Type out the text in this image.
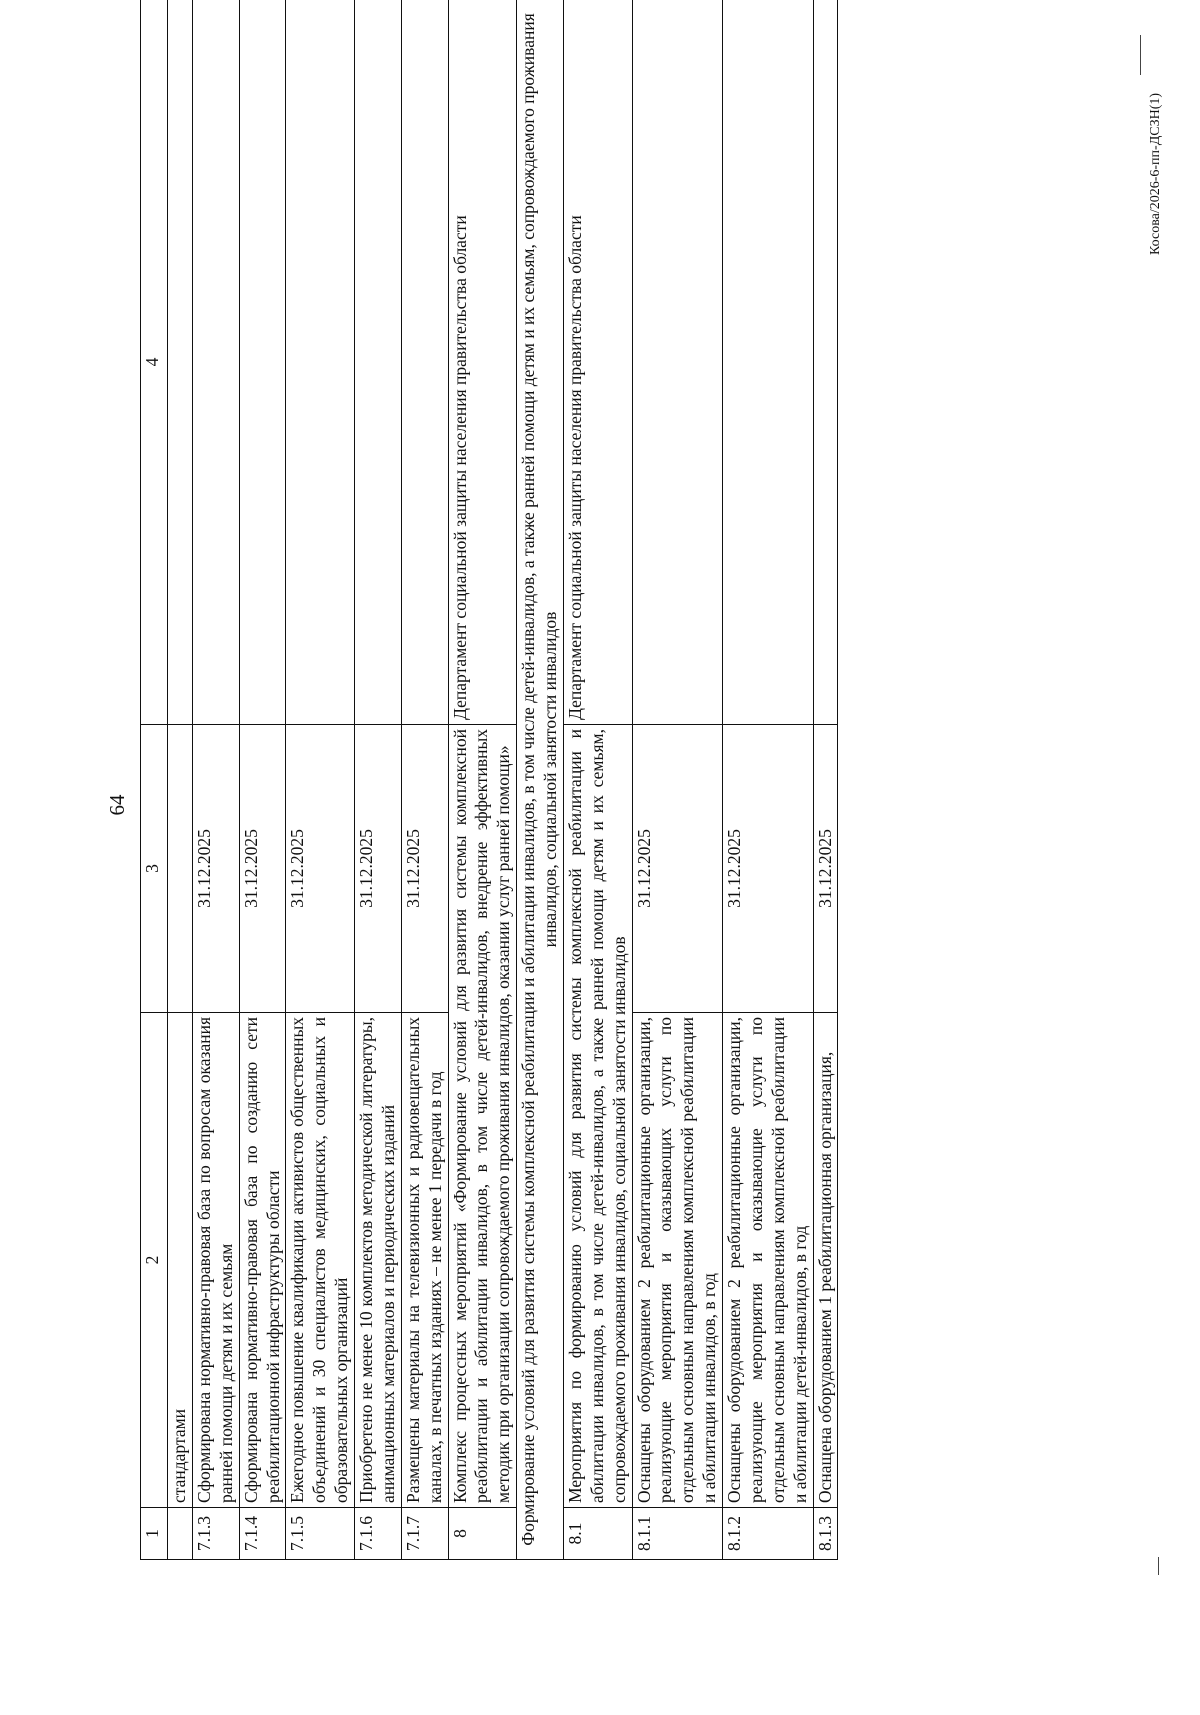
64
Косова/2026-6-пп-ДСЗН(1)
1	2	3	4
	стандартами		
7.1.3	Сформирована нормативно-правовая база по вопросам оказания ранней помощи детям и их семьям	31.12.2025	
7.1.4	Сформирована нормативно-правовая база по созданию сети реабилитационной инфраструктуры области	31.12.2025	
7.1.5	Ежегодное повышение квалификации активистов общественных объединений и 30 специалистов медицинских, социальных и образовательных организаций	31.12.2025	
7.1.6	Приобретено не менее 10 комплектов методической литературы, анимационных материалов и периодических изданий	31.12.2025	
7.1.7	Размещены материалы на телевизионных и радиовещательных каналах, в печатных изданиях – не менее 1 передачи в год	31.12.2025	
8	Комплекс процессных мероприятий «Формирование условий для развития системы комплексной реабилитации и абилитации инвалидов, в том числе детей-инвалидов, внедрение эффективных методик при организации сопровождаемого проживания инвалидов, оказании услуг ранней помощи»		Департамент социальной защиты населения правительства области
Формирование условий для развития системы комплексной реабилитации и абилитации инвалидов, в том числе детей-инвалидов, а также ранней помощи детям и их семьям, сопровождаемого проживания инвалидов, социальной занятости инвалидов			
8.1	Мероприятия по формированию условий для развития системы комплексной реабилитации и абилитации инвалидов, в том числе детей-инвалидов, а также ранней помощи детям и их семьям, сопровождаемого проживания инвалидов, социальной занятости инвалидов		Департамент социальной защиты населения правительства области
8.1.1	Оснащены оборудованием 2 реабилитационные организации, реализующие мероприятия и оказывающих услуги по отдельным основным направлениям комплексной реабилитации и абилитации инвалидов, в год	31.12.2025	
8.1.2	Оснащены оборудованием 2 реабилитационные организации, реализующие мероприятия и оказывающие услуги по отдельным основным направлениям комплексной реабилитации и абилитации детей-инвалидов, в год	31.12.2025	
8.1.3	Оснащена оборудованием 1 реабилитационная организация,	31.12.2025	
